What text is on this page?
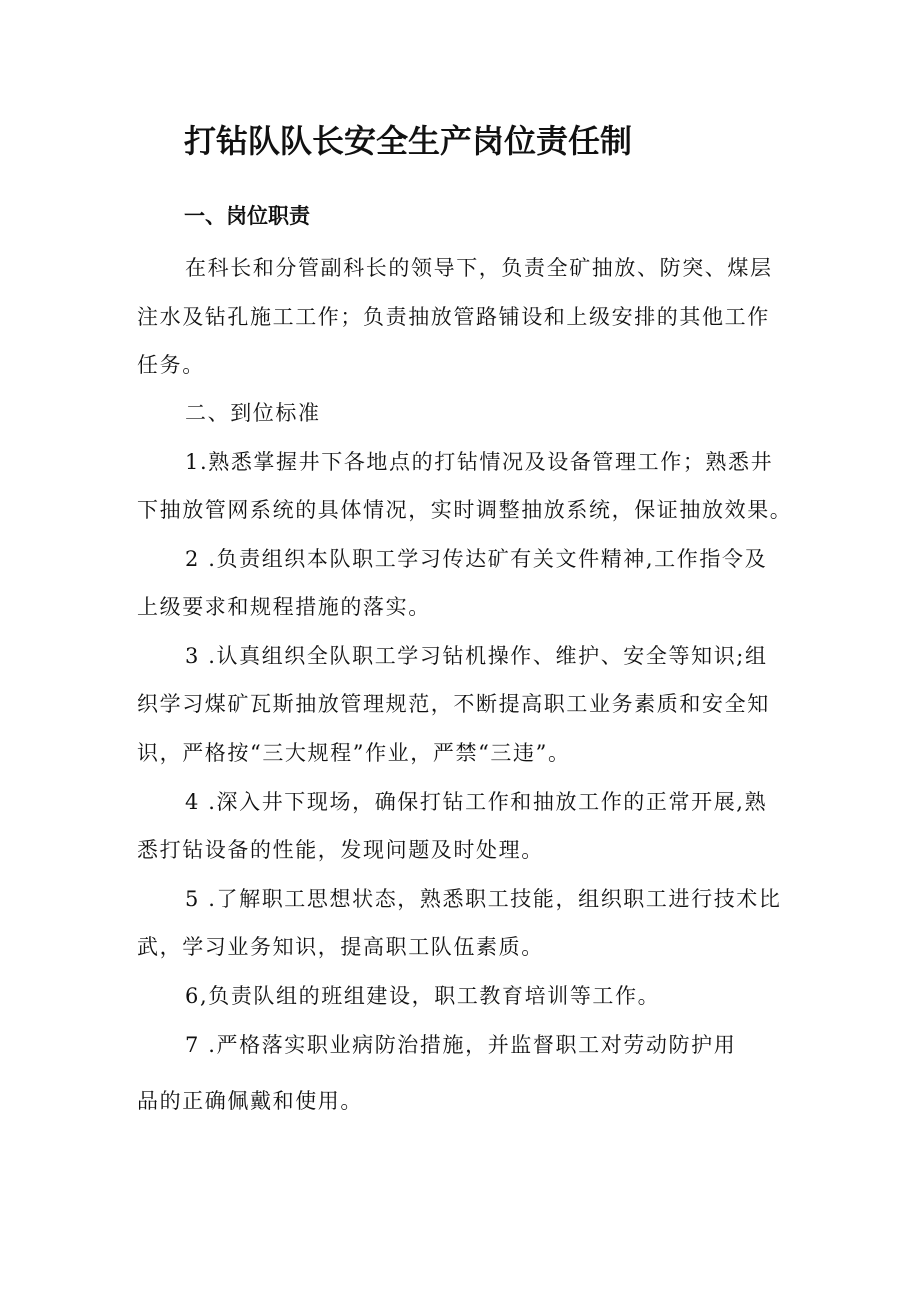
打钻队队长安全生产岗位责任制
一、岗位职责
在科长和分管副科长的领导下，负责全矿抽放、防突、煤层
注水及钻孔施工工作；负责抽放管路铺设和上级安排的其他工作
任务。
二、到位标准
1.熟悉掌握井下各地点的打钻情况及设备管理工作；熟悉井
下抽放管网系统的具体情况，实时调整抽放系统，保证抽放效果。
2 .负责组织本队职工学习传达矿有关文件精神,工作指令及
上级要求和规程措施的落实。
3 .认真组织全队职工学习钻机操作、维护、安全等知识;组
织学习煤矿瓦斯抽放管理规范，不断提高职工业务素质和安全知
识，严格按“三大规程”作业，严禁“三违”。
4 .深入井下现场，确保打钻工作和抽放工作的正常开展,熟
悉打钻设备的性能，发现问题及时处理。
5 .了解职工思想状态，熟悉职工技能，组织职工进行技术比
武，学习业务知识，提高职工队伍素质。
6,负责队组的班组建设，职工教育培训等工作。
7 .严格落实职业病防治措施，并监督职工对劳动防护用
品的正确佩戴和使用。
